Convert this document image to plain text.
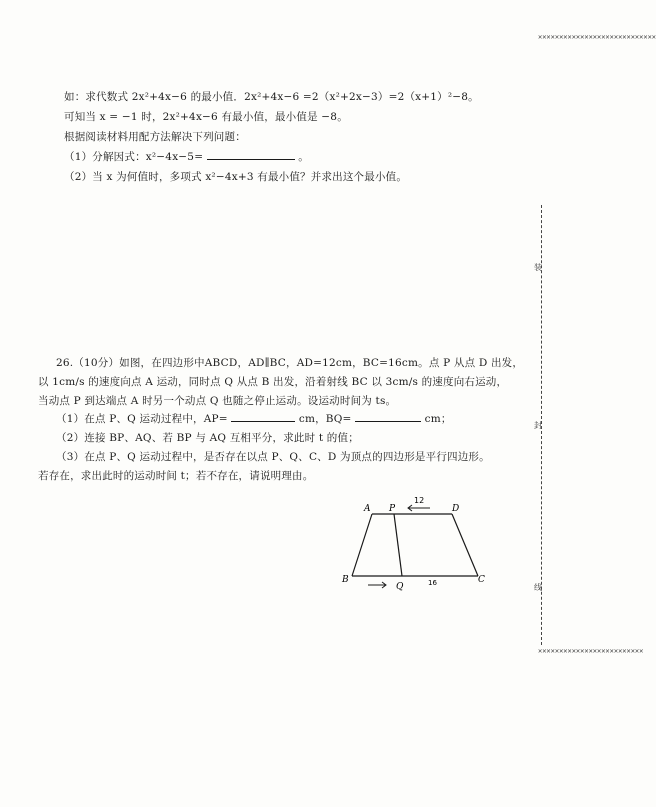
如：求代数式 2x²+4x−6 的最小值．2x²+4x−6 =2（x²+2x−3）=2（x+1）²−8。
可知当 x = −1 时，2x²+4x−6 有最小值，最小值是 −8。
根据阅读材料用配方法解决下列问题：
（1）分解因式：x²−4x−5=	。
（2）当 x 为何值时，多项式 x²−4x+3 有最小值？并求出这个最小值。
26.（10分）如图，在四边形中ABCD，AD∥BC，AD=12cm，BC=16cm。点 P 从点 D 出发，
以 1cm/s 的速度向点 A 运动，同时点 Q 从点 B 出发，沿着射线 BC 以 3cm/s 的速度向右运动，
当动点 P 到达端点 A 时另一个动点 Q 也随之停止运动。设运动时间为 ts。
（1）在点 P、Q 运动过程中，AP=	cm，BQ=	cm；
（2）连接 BP、AQ、若 BP 与 AQ 互相平分，求此时 t 的值；
（3）在点 P、Q 运动过程中，是否存在以点 P、Q、C、D 为顶点的四边形是平行四边形。
若存在，求出此时的运动时间 t；若不存在，请说明理由。
A P	D
B
Q
C
12
16
✕✕✕✕✕✕✕✕✕✕✕✕✕✕✕✕✕✕✕✕✕✕✕✕✕✕✕✕
装
封
线
✕✕✕✕✕✕✕✕✕✕✕✕✕✕✕✕✕✕✕✕✕✕✕✕✕
